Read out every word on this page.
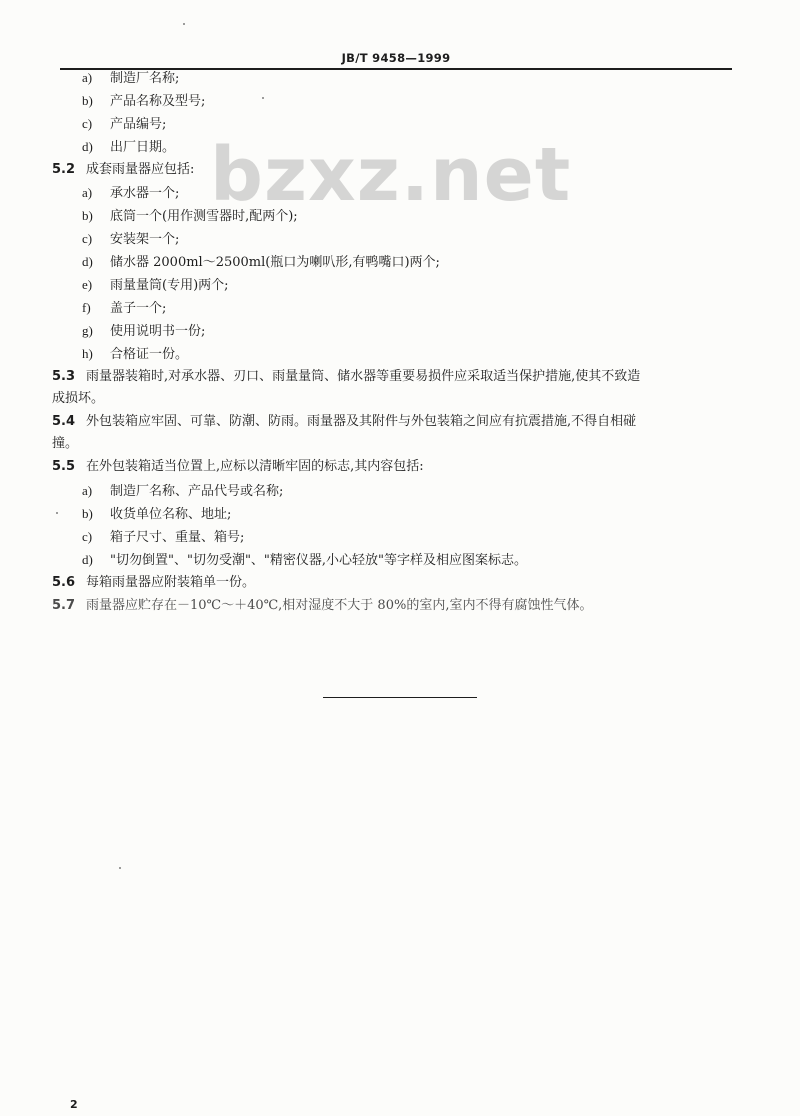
JB/T 9458—1999
bzxz.net
a) 制造厂名称;
b) 产品名称及型号;
c) 产品编号;
d) 出厂日期。
5.2 成套雨量器应包括:
a) 承水器一个;
b) 底筒一个(用作测雪器时,配两个);
c) 安装架一个;
d) 储水器 2000ml～2500ml(瓶口为喇叭形,有鸭嘴口)两个;
e) 雨量量筒(专用)两个;
f) 盖子一个;
g) 使用说明书一份;
h) 合格证一份。
5.3 雨量器装箱时,对承水器、刃口、雨量量筒、储水器等重要易损件应采取适当保护措施,使其不致造
成损坏。
5.4 外包装箱应牢固、可靠、防潮、防雨。雨量器及其附件与外包装箱之间应有抗震措施,不得自相碰
撞。
5.5 在外包装箱适当位置上,应标以清晰牢固的标志,其内容包括:
a) 制造厂名称、产品代号或名称;
b) 收货单位名称、地址;
c) 箱子尺寸、重量、箱号;
d) "切勿倒置"、"切勿受潮"、"精密仪器,小心轻放"等字样及相应图案标志。
5.6 每箱雨量器应附装箱单一份。
5.7 雨量器应贮存在－10℃～＋40℃,相对湿度不大于 80%的室内,室内不得有腐蚀性气体。
2
